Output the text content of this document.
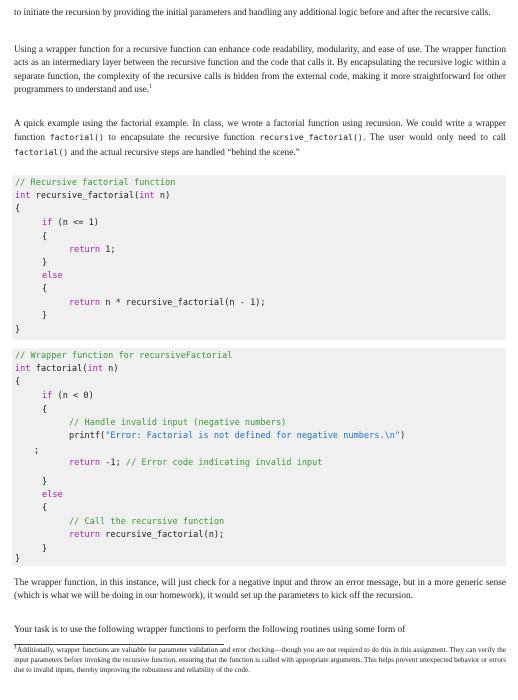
to initiate the recursion by providing the initial parameters and handling any additional logic before and after the recursive calls.

Using a wrapper function for a recursive function can enhance code readability, modularity, and ease of use. The wrapper function acts as an intermediary layer between the recursive function and the code that calls it. By encapsulating the recursive logic within a separate function, the complexity of the recursive calls is hidden from the external code, making it more straightforward for other programmers to understand and use.$^1$

A quick example using the factorial example. In class, we wrote a factorial function using recursion. We could write a wrapper function factorial() to encapsulate the recursive function recursive_factorial(). The user would only need to call factorial() and the actual recursive steps are handled “behind the scene.”

// Recursive factorial function
int recursive_factorial(int n)
{
if (n <= 1)
{
return 1;
}
else
{
return n * recursive_factorial(n - 1);
}
}
// Wrapper function for recursiveFactorial
int factorial(int n)
{
if (n < 0)
{
// Handle invalid input (negative numbers)
printf("Error: Factorial is not defined for negative numbers.\n")
;
return -1; // Error code indicating invalid input
}
else
{
// Call the recursive function
return recursive_factorial(n);
}
}

The wrapper function, in this instance, will just check for a negative input and throw an error message, but in a more generic sense (which is what we will be doing in our homework), it would set up the parameters to kick off the recursion.

Your task is to use the following wrapper functions to perform the following routines using some form of

$^1$Additionally, wrapper functions are valuable for parameter validation and error checking—though you are not required to do this in this assignment. They can verify the input parameters before invoking the recursive function, ensuring that the function is called with appropriate arguments. This helps prevent unexpected behavior or errors due to invalid inputs, thereby improving the robustness and reliability of the code.
